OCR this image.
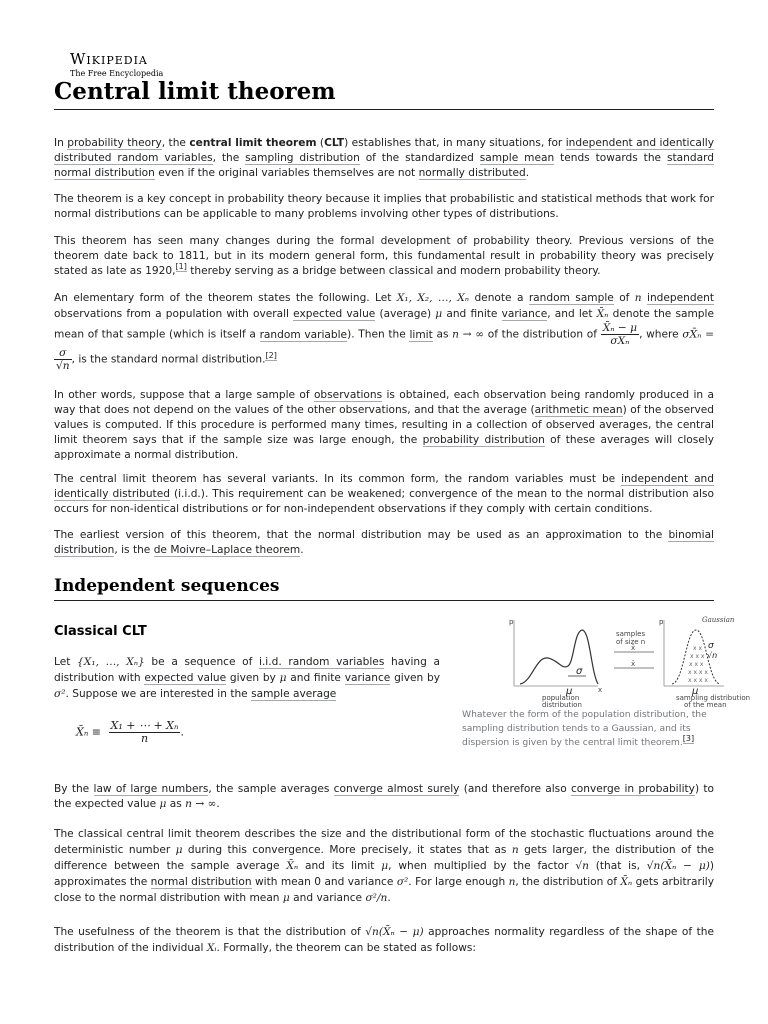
Wikipedia
The Free Encyclopedia
Central limit theorem

In probability theory, the central limit theorem (CLT) establishes that, in many situations, for independent and identically distributed random variables, the sampling distribution of the standardized sample mean tends towards the standard normal distribution even if the original variables themselves are not normally distributed.

The theorem is a key concept in probability theory because it implies that probabilistic and statistical methods that work for normal distributions can be applicable to many problems involving other types of distributions.

This theorem has seen many changes during the formal development of probability theory. Previous versions of the theorem date back to 1811, but in its modern general form, this fundamental result in probability theory was precisely stated as late as 1920,[1] thereby serving as a bridge between classical and modern probability theory.

An elementary form of the theorem states the following. Let X₁, X₂, …, Xₙ denote a random sample of n independent observations from a population with overall expected value (average) μ and finite variance, and let X̄ₙ denote the sample mean of that sample (which is itself a random variable). Then the limit as n → ∞ of the distribution of $\frac{\text{X̄ₙ − μ}}{\text{σX̄ₙ}}$ , where σX̄ₙ =
$\frac{\sigma}{√n}$ , is the standard normal distribution.[2]

In other words, suppose that a large sample of observations is obtained, each observation being randomly produced in a way that does not depend on the values of the other observations, and that the average (arithmetic mean) of the observed values is computed. If this procedure is performed many times, resulting in a collection of observed averages, the central limit theorem says that if the sample size was large enough, the probability distribution of these averages will closely approximate a normal distribution.

The central limit theorem has several variants. In its common form, the random variables must be independent and identically distributed (i.i.d.). This requirement can be weakened; convergence of the mean to the normal distribution also occurs for non-identical distributions or for non-independent observations if they comply with certain conditions.

The earliest version of this theorem, that the normal distribution may be used as an approximation to the binomial distribution, is the de Moivre–Laplace theorem.

Independent sequences
Classical CLT

Let {X₁, …, Xₙ} be a sequence of i.i.d. random variables having a distribution with expected value given by μ and finite variance given by σ². Suppose we are interested in the sample average

X̄ₙ ≡ $\frac{\text{X₁ + ⋯ + Xₙ}}{n}$ .

By the law of large numbers, the sample averages converge almost surely (and therefore also converge in probability) to the expected value μ as n → ∞.

The classical central limit theorem describes the size and the distributional form of the stochastic fluctuations around the deterministic number μ during this convergence. More precisely, it states that as n gets larger, the distribution of the difference between the sample average X̄ₙ and its limit μ, when multiplied by the factor √n (that is, √n(X̄ₙ − μ)) approximates the normal distribution with mean 0 and variance σ². For large enough n, the distribution of X̄ₙ gets arbitrarily close to the normal distribution with mean μ and variance σ²/n.

The usefulness of the theorem is that the distribution of √n(X̄ₙ − μ) approaches normality regardless of the shape of the distribution of the individual Xᵢ. Formally, the theorem can be stated as follows:

p
x
σ
μ
population
distribution
samples
of size n
x̄
x̄
p	Gaussian
x x x x
x x x x
x x x
x x x
x x σ
√n
μ
sampling distribution
of the mean
Whatever the form of the population distribution, the sampling distribution tends to a Gaussian, and its dispersion is given by the central limit theorem.[3]
